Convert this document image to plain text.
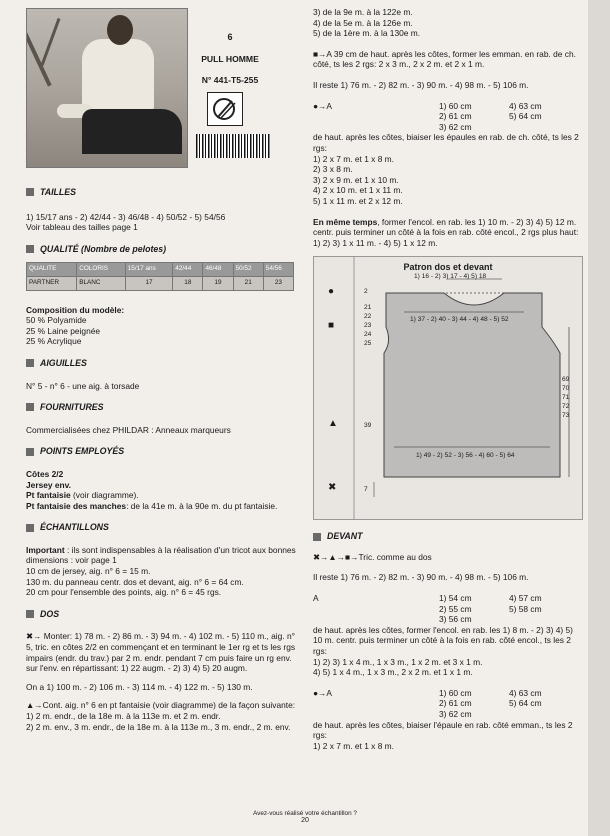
6
PULL HOMME
N° 441-T5-255
TAILLES

1) 15/17 ans - 2) 42/44 - 3) 46/48 - 4) 50/52 - 5) 54/56

Voir tableau des tailles page 1

QUALITÉ (Nombre de pelotes)
QUALITE	COLORIS	15/17 ans	42/44	46/48	50/52	54/56
PARTNER	BLANC	17	18	19	21	23

Composition du modèle:

50 % Polyamide

25 % Laine peignée

25 % Acrylique

AIGUILLES

N° 5 - n° 6 - une aig. à torsade

FOURNITURES

Commercialisées chez PHILDAR : Anneaux marqueurs

POINTS EMPLOYÉS

Côtes 2/2

Jersey env.

Pt fantaisie (voir diagramme).

Pt fantaisie des manches: de la 41e m. à la 90e m. du pt fantaisie.

ÉCHANTILLONS

Important : ils sont indispensables à la réalisation d'un tricot aux bonnes dimensions : voir page 1

10 cm de jersey, aig. n° 6 = 15 m.

130 m. du panneau centr. dos et devant, aig. n° 6 = 64 cm.

20 cm pour l'ensemble des points, aig. n° 6 = 45 rgs.

DOS

✖→ Monter: 1) 78 m. - 2) 86 m. - 3) 94 m. - 4) 102 m. - 5) 110 m., aig. n° 5, tric. en côtes 2/2 en commençant et en terminant le 1er rg et ts les rgs impairs (endr. du trav.) par 2 m. endr. pendant 7 cm puis faire un rg env. sur l'env. en répartissant: 1) 22 augm. - 2) 3) 4) 5) 20 augm.

On a 1) 100 m. - 2) 106 m. - 3) 114 m. - 4) 122 m. - 5) 130 m.

▲→Cont. aig. n° 6 en pt fantaisie (voir diagramme) de la façon suivante:

1) 2 m. endr., de la 18e m. à la 113e m. et 2 m. endr.

2) 2 m. env., 3 m. endr., de la 18e m. à la 113e m., 3 m. endr., 2 m. env.

3) de la 9e m. à la 122e m.

4) de la 5e m. à la 126e m.

5) de la 1ère m. à la 130e m.

■→A 39 cm de haut. après les côtes, former les emman. en rab. de ch. côté, ts les 2 rgs: 2 x 3 m., 2 x 2 m. et 2 x 1 m.

Il reste 1) 76 m. - 2) 82 m. - 3) 90 m. - 4) 98 m. - 5) 106 m.

●→A	1) 60 cm	4) 63 cm
2) 61 cm	5) 64 cm
3) 62 cm

de haut. après les côtes, biaiser les épaules en rab. de ch. côté, ts les 2 rgs:

1) 2 x 7 m. et 1 x 8 m.

2) 3 x 8 m.

3) 2 x 9 m. et 1 x 10 m.

4) 2 x 10 m. et 1 x 11 m.

5) 1 x 11 m. et 2 x 12 m.

En même temps, former l'encol. en rab. les 1) 10 m. - 2) 3) 4) 5) 12 m. centr. puis terminer un côté à la fois en rab. côté encol., 2 rgs plus haut: 1) 2) 3) 1 x 11 m. - 4) 5) 1 x 12 m.

Patron dos et devant
1) 16 - 2) 3) 17 - 4) 5) 18
●	2
21
22
23
24
25
■
1) 37 - 2) 40 - 3) 44 - 4) 48 - 5) 52
69
70
71
72
73
▲	39
1) 49 - 2) 52 - 3) 56 - 4) 60 - 5) 64
✖	7
DEVANT

✖→▲→■→Tric. comme au dos

Il reste 1) 76 m. - 2) 82 m. - 3) 90 m. - 4) 98 m. - 5) 106 m.

A	1) 54 cm	4) 57 cm
2) 55 cm	5) 58 cm
3) 56 cm

de haut. après les côtes, former l'encol. en rab. les 1) 8 m. - 2) 3) 4) 5) 10 m. centr. puis terminer un côté à la fois en rab. côté encol., ts les 2 rgs:

1) 2) 3) 1 x 4 m., 1 x 3 m., 1 x 2 m. et 3 x 1 m.

4) 5) 1 x 4 m., 1 x 3 m., 2 x 2 m. et 1 x 1 m.

●→A	1) 60 cm	4) 63 cm
2) 61 cm	5) 64 cm
3) 62 cm

de haut. après les côtes, biaiser l'épaule en rab. côté emman., ts les 2 rgs:

1) 2 x 7 m. et 1 x 8 m.

Avez-vous réalisé votre échantillon ?
20
